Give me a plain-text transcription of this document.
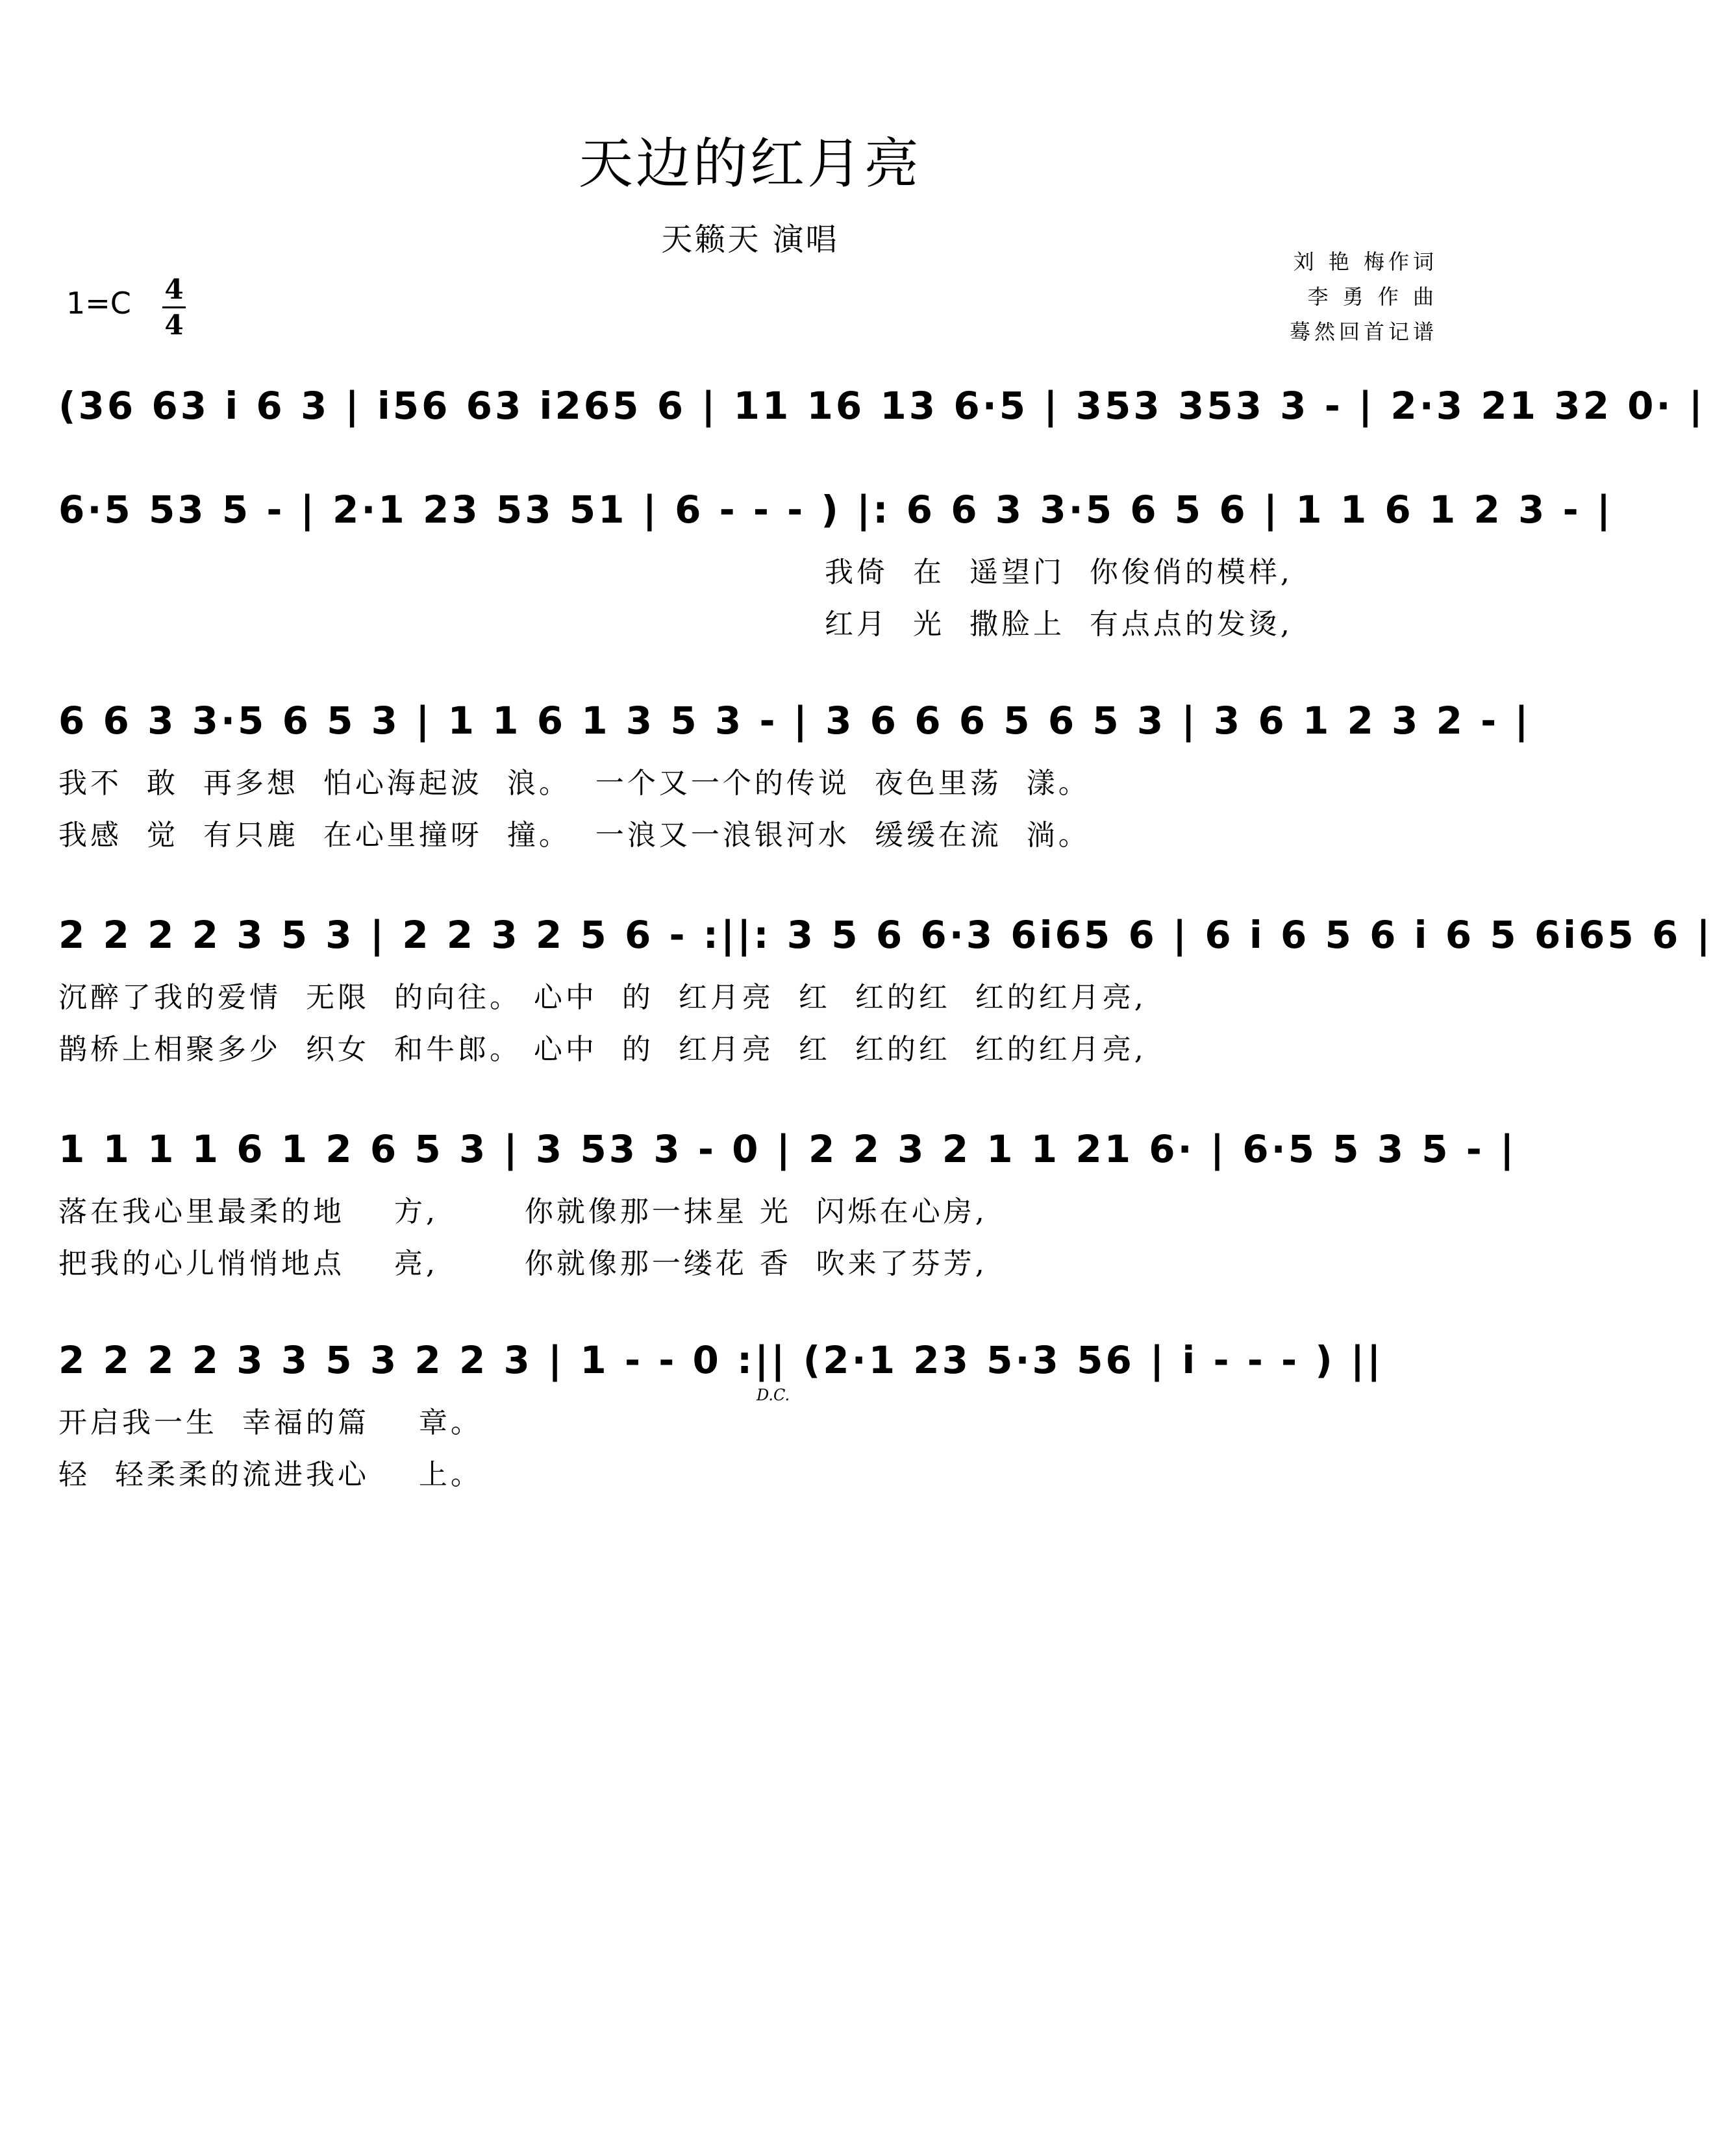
天边的红月亮
天籁天 演唱
刘 艳 梅作词
李 勇 作 曲
蓦然回首记谱
1=C 4
4
(36 63 i 6 3 | i56 63 i265 6 | 11 16 13 6·5 | 353 353 3 - | 2·3 21 32 0· |
6·5 53 5 - | 2·1 23 53 51 | 6 - - - ) |: 6 6 3 3·5 6 5 6 | 1 1 6 1 2 3 - |
我倚  在  遥望门  你俊俏的模样,
红月  光  撒脸上  有点点的发烫,
6 6 3 3·5 6 5 3 | 1 1 6 1 3 5 3 - | 3 6 6 6 5 6 5 3 | 3 6 1 2 3 2 - |
我不  敢  再多想  怕心海起波  浪。  一个又一个的传说  夜色里荡  漾。
我感  觉  有只鹿  在心里撞呀  撞。  一浪又一浪银河水  缓缓在流  淌。
2 2 2 2 3 5 3 | 2 2 3 2 5 6 - :||: 3 5 6 6·3 6i65 6 | 6 i 6 5 6 i 6 5 6i65 6 |
沉醉了我的爱情  无限  的向往。 心中  的  红月亮  红  红的红  红的红月亮,
鹊桥上相聚多少  织女  和牛郎。 心中  的  红月亮  红  红的红  红的红月亮,
1 1 1 1 6 1 2 6 5 3 | 3 53 3 - 0 | 2 2 3 2 1 1 21 6· | 6·5 5 3 5 - |
落在我心里最柔的地    方,       你就像那一抹星 光  闪烁在心房,
把我的心儿悄悄地点    亮,       你就像那一缕花 香  吹来了芬芳,
2 2 2 2 3 3 5 3 2 2 3 | 1 - - 0 :|| (2·1 23 5·3 56 | i - - - ) ||
D.C.
开启我一生  幸福的篇    章。
轻  轻柔柔的流进我心    上。
